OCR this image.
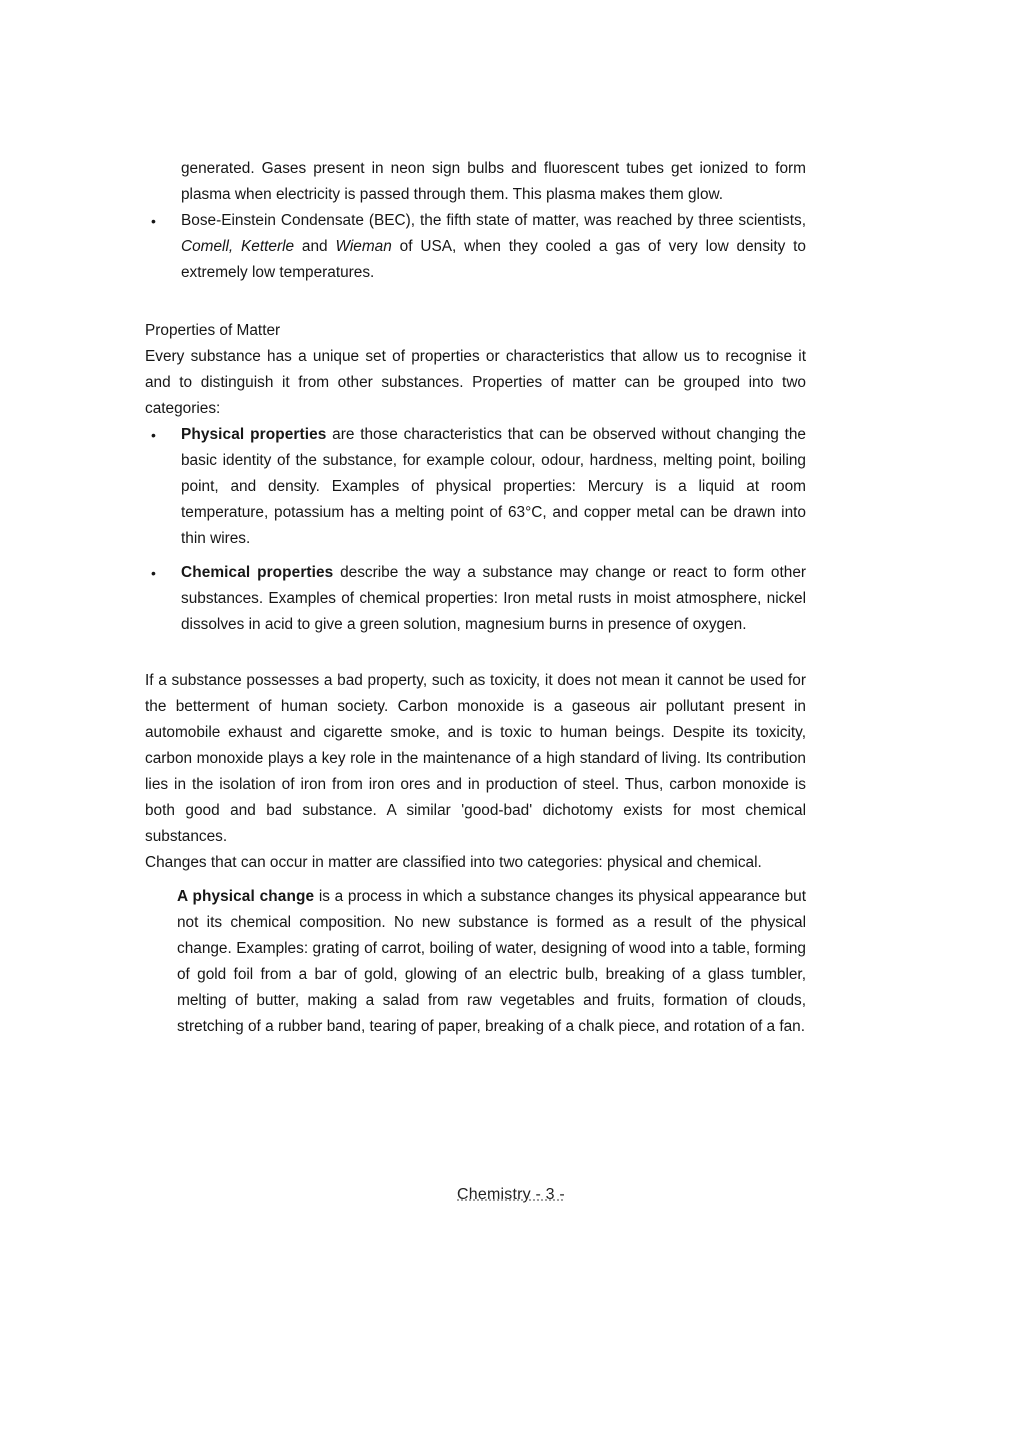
generated. Gases present in neon sign bulbs and fluorescent tubes get ionized to form plasma when electricity is passed through them. This plasma makes them glow.

• Bose-Einstein Condensate (BEC), the fifth state of matter, was reached by three scientists, Comell, Ketterle and Wieman of USA, when they cooled a gas of very low density to extremely low temperatures.

Properties of Matter

Every substance has a unique set of properties or characteristics that allow us to recognise it and to distinguish it from other substances. Properties of matter can be grouped into two categories:

• Physical properties are those characteristics that can be observed without changing the basic identity of the substance, for example colour, odour, hardness, melting point, boiling point, and density. Examples of physical properties: Mercury is a liquid at room temperature, potassium has a melting point of 63°C, and copper metal can be drawn into thin wires.

• Chemical properties describe the way a substance may change or react to form other substances. Examples of chemical properties: Iron metal rusts in moist atmosphere, nickel dissolves in acid to give a green solution, magnesium burns in presence of oxygen.

If a substance possesses a bad property, such as toxicity, it does not mean it cannot be used for the betterment of human society. Carbon monoxide is a gaseous air pollutant present in automobile exhaust and cigarette smoke, and is toxic to human beings. Despite its toxicity, carbon monoxide plays a key role in the maintenance of a high standard of living. Its contribution lies in the isolation of iron from iron ores and in production of steel. Thus, carbon monoxide is both good and bad substance. A similar 'good-bad' dichotomy exists for most chemical substances.

Changes that can occur in matter are classified into two categories: physical and chemical.

A physical change is a process in which a substance changes its physical appearance but not its chemical composition. No new substance is formed as a result of the physical change. Examples: grating of carrot, boiling of water, designing of wood into a table, forming of gold foil from a bar of gold, glowing of an electric bulb, breaking of a glass tumbler, melting of butter, making a salad from raw vegetables and fruits, formation of clouds, stretching of a rubber band, tearing of paper, breaking of a chalk piece, and rotation of a fan.

Chemistry - 3 -
